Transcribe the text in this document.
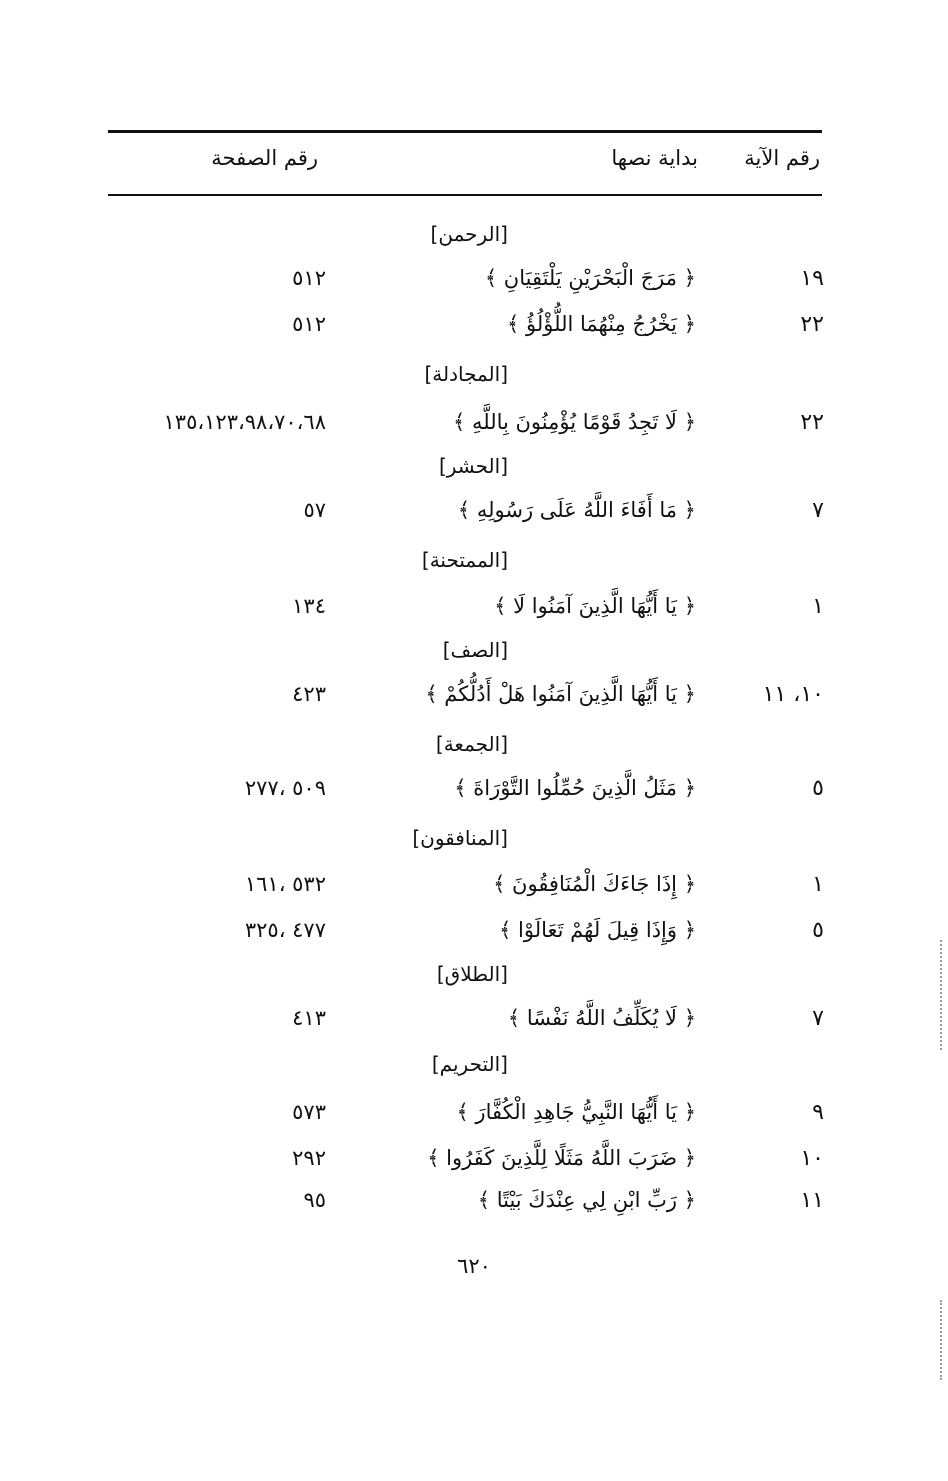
رقم الآية
بداية نصها
رقم الصفحة
[الرحمن]
١٩
﴿ مَرَجَ الْبَحْرَيْنِ يَلْتَقِيَانِ ﴾
٥١٢
٢٢
﴿ يَخْرُجُ مِنْهُمَا اللُّؤْلُؤُ ﴾
٥١٢
[المجادلة]
٢٢
﴿ لَا تَجِدُ قَوْمًا يُؤْمِنُونَ بِاللَّهِ ﴾
١٣٥،١٢٣،٩٨،٧٠،٦٨
[الحشر]
٧
﴿ مَا أَفَاءَ اللَّهُ عَلَى رَسُولِهِ ﴾
٥٧
[الممتحنة]
١
﴿ يَا أَيُّهَا الَّذِينَ آمَنُوا لَا ﴾
١٣٤
[الصف]
١٠، ١١
﴿ يَا أَيُّهَا الَّذِينَ آمَنُوا هَلْ أَدُلُّكُمْ ﴾
٤٢٣
[الجمعة]
٥
﴿ مَثَلُ الَّذِينَ حُمِّلُوا التَّوْرَاةَ ﴾
٥٠٩ ،٢٧٧
[المنافقون]
١
﴿ إِذَا جَاءَكَ الْمُنَافِقُونَ ﴾
٥٣٢ ،١٦١
٥
﴿ وَإِذَا قِيلَ لَهُمْ تَعَالَوْا ﴾
٤٧٧ ،٣٢٥
[الطلاق]
٧
﴿ لَا يُكَلِّفُ اللَّهُ نَفْسًا ﴾
٤١٣
[التحريم]
٩
﴿ يَا أَيُّهَا النَّبِيُّ جَاهِدِ الْكُفَّارَ ﴾
٥٧٣
١٠
﴿ ضَرَبَ اللَّهُ مَثَلًا لِلَّذِينَ كَفَرُوا ﴾
٢٩٢
١١
﴿ رَبِّ ابْنِ لِي عِنْدَكَ بَيْتًا ﴾
٩٥
٦٢٠
